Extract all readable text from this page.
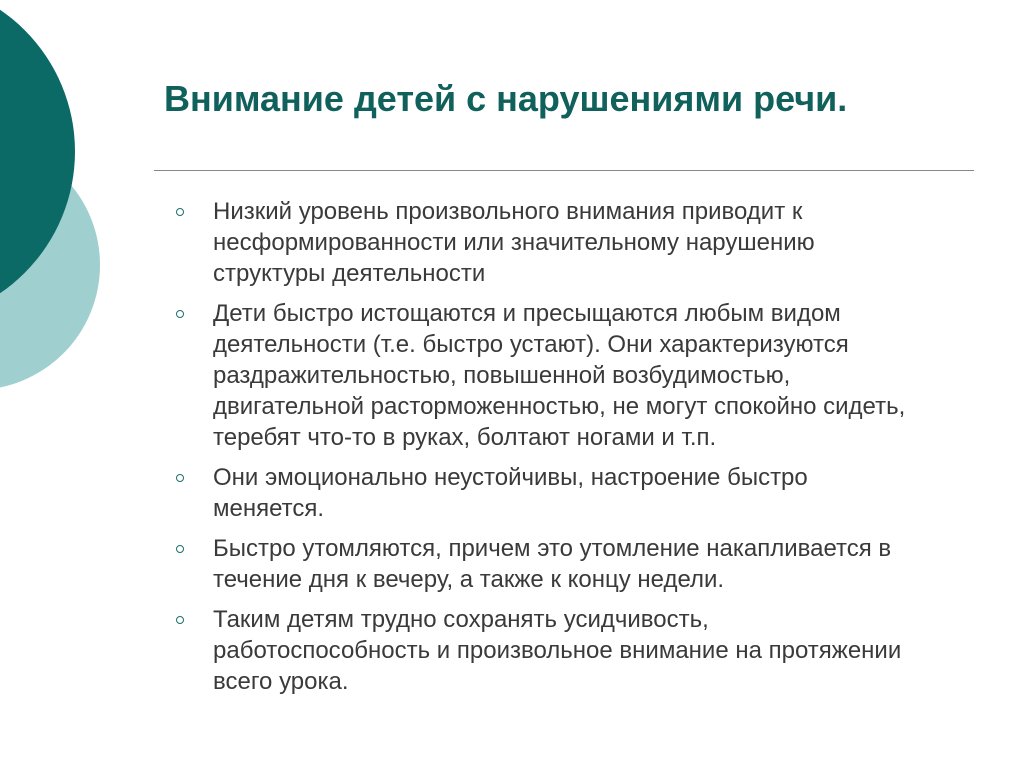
Внимание детей с нарушениями речи.
Низкий уровень произвольного внимания приводит к
несформированности или значительному нарушению
структуры деятельности
Дети быстро истощаются и пресыщаются любым видом
деятельности (т.е. быстро устают). Они характеризуются
раздражительностью, повышенной возбудимостью,
двигательной расторможенностью, не могут спокойно сидеть,
теребят что-то в руках, болтают ногами и т.п.
Они эмоционально неустойчивы, настроение быстро
меняется.
Быстро утомляются, причем это утомление накапливается в
течение дня к вечеру, а также к концу недели.
Таким детям трудно сохранять усидчивость,
работоспособность и произвольное внимание на протяжении
всего урока.
